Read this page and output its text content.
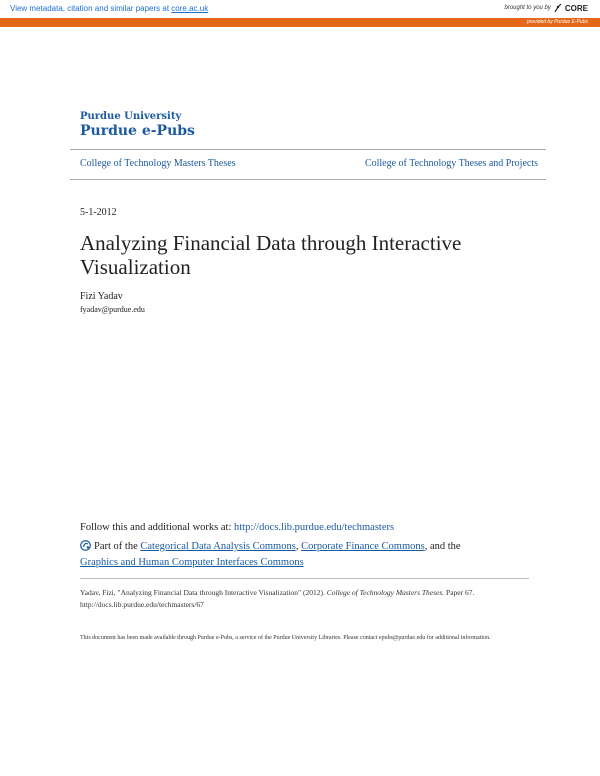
View metadata, citation and similar papers at core.ac.uk	brought to you by CORE
provided by Purdue E-Pubs
Purdue University
Purdue e-Pubs
College of Technology Masters Theses	College of Technology Theses and Projects
5-1-2012
Analyzing Financial Data through Interactive Visualization
Fizi Yadav
fyadav@purdue.edu
Follow this and additional works at: http://docs.lib.purdue.edu/techmasters
Part of the Categorical Data Analysis Commons, Corporate Finance Commons, and the
Graphics and Human Computer Interfaces Commons
Yadav, Fizi, "Analyzing Financial Data through Interactive Visualization" (2012). College of Technology Masters Theses. Paper 67.
http://docs.lib.purdue.edu/techmasters/67
This document has been made available through Purdue e-Pubs, a service of the Purdue University Libraries. Please contact epubs@purdue.edu for additional information.
